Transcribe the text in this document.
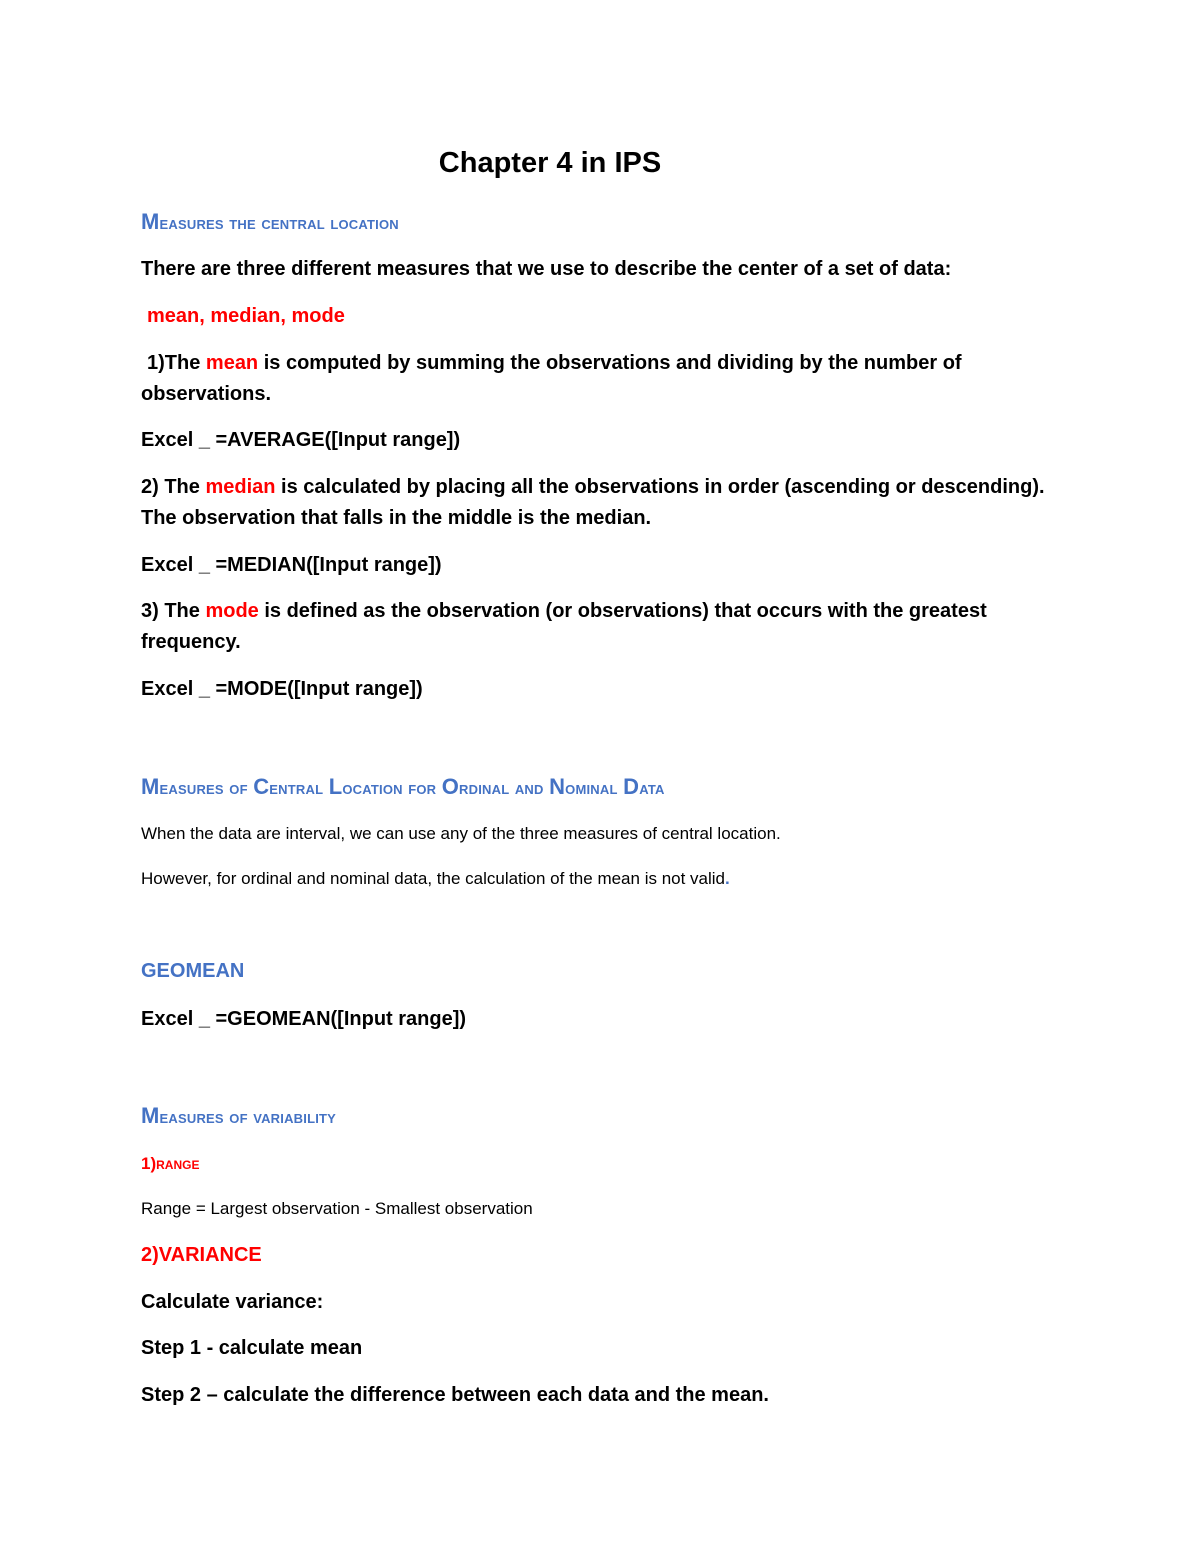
Chapter 4 in IPS

Measures the central location

There are three different measures that we use to describe the center of a set of data:

mean, median, mode

1)The mean is computed by summing the observations and dividing by the number of

observations.

Excel _ =AVERAGE([Input range])

2) The median is calculated by placing all the observations in order (ascending or descending).

The observation that falls in the middle is the median.

Excel _ =MEDIAN([Input range])

3) The mode is defined as the observation (or observations) that occurs with the greatest

frequency.

Excel _ =MODE([Input range])

Measures of Central Location for Ordinal and Nominal Data

When the data are interval, we can use any of the three measures of central location.

However, for ordinal and nominal data, the calculation of the mean is not valid.

GEOMEAN

Excel _ =GEOMEAN([Input range])

Measures of variability

1)range

Range = Largest observation - Smallest observation

2)VARIANCE

Calculate variance:

Step 1 - calculate mean

Step 2 – calculate the difference between each data and the mean.
